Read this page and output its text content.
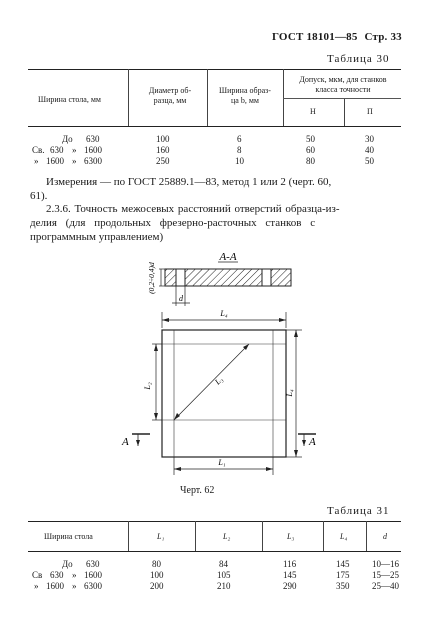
ГОСТ 18101—85 Стр. 33
Таблица 30
Ширина стола, мм
Диаметр об-
разца, мм
Ширина образ-
ца b, мм
Допуск, мкм, для станков
класса точности
Н	П
До 630	100	6	50	30
Св. 630 » 1600	160	8	60	40
» 1600 » 6300	250	10	80	50
Измерения — по ГОСТ 25889.1—83, метод 1 или 2 (черт. 60,
61).
2.3.6. Точность межосевых расстояний отверстий образца-из-
делия (для продольных фрезерно-расточных станков с
программным управлением)
А-А
(0,2÷0,4)d
d
L₄
L₃
L₂
L₄
А	А
L₁
Черт. 62
Таблица 31
Ширина стола	L₁	L₂	L₃	L₄	d
До 630	80	84	116	145	10—16
Св 630 » 1600	100	105	145	175	15—25
» 1600 » 6300	200	210	290	350	25—40
